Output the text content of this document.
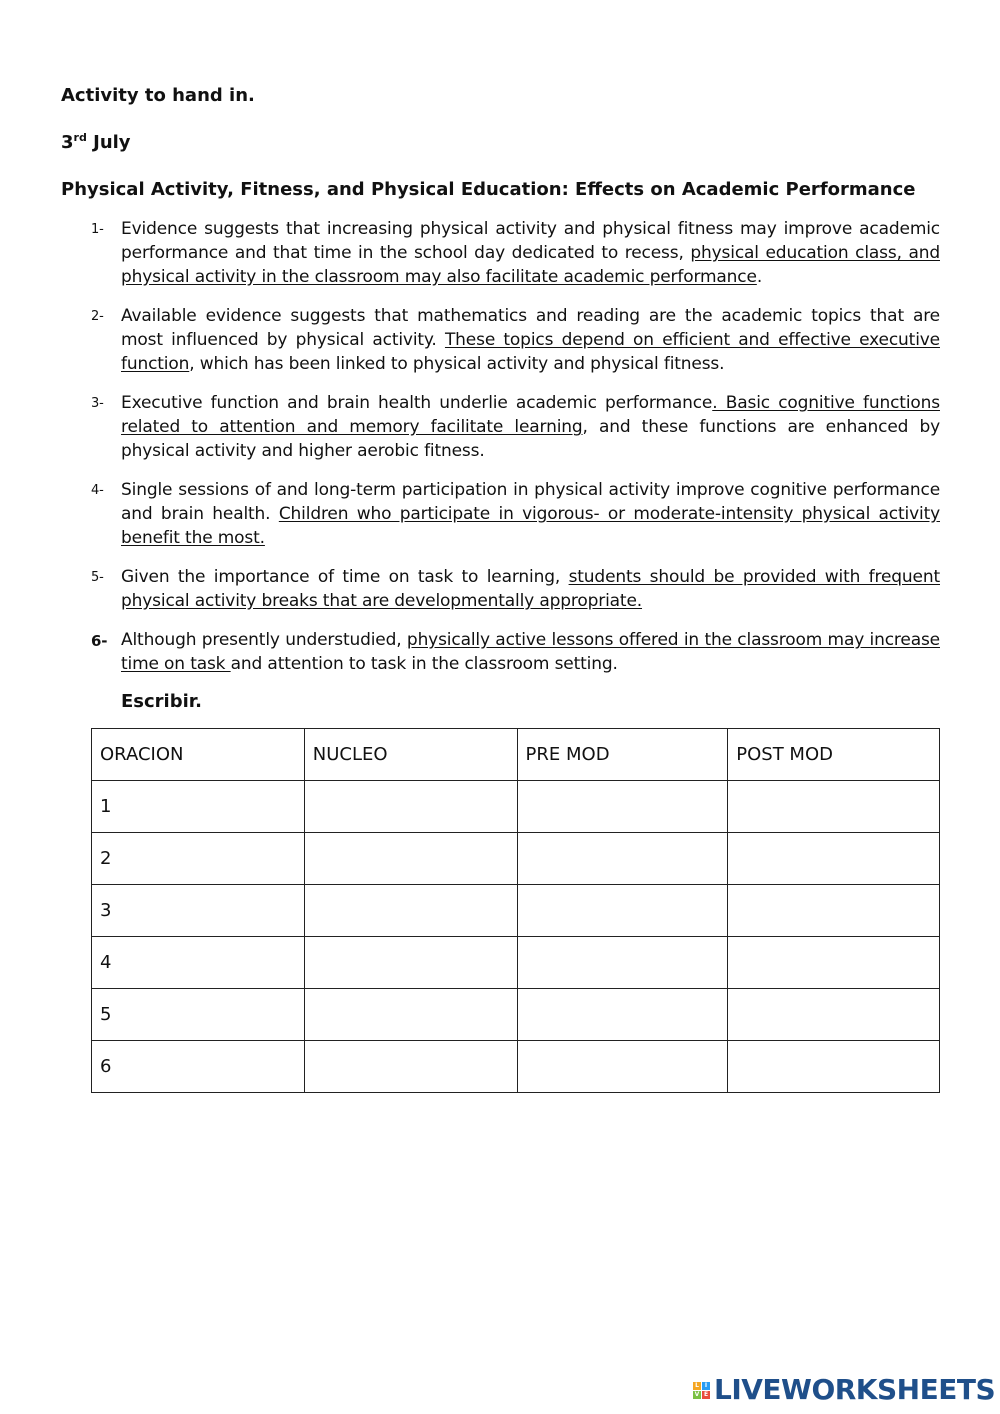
Activity to hand in.

3rd July

Physical Activity, Fitness, and Physical Education: Effects on Academic Performance

1- Evidence suggests that increasing physical activity and physical fitness may improve academic performance and that time in the school day dedicated to recess, physical education class, and physical activity in the classroom may also facilitate academic performance.
2- Available evidence suggests that mathematics and reading are the academic topics that are most influenced by physical activity. These topics depend on efficient and effective executive function, which has been linked to physical activity and physical fitness.
3- Executive function and brain health underlie academic performance. Basic cognitive functions related to attention and memory facilitate learning, and these functions are enhanced by physical activity and higher aerobic fitness.
4- Single sessions of and long-term participation in physical activity improve cognitive performance and brain health. Children who participate in vigorous- or moderate-intensity physical activity benefit the most.
5- Given the importance of time on task to learning, students should be provided with frequent physical activity breaks that are developmentally appropriate.
6- Although presently understudied, physically active lessons offered in the classroom may increase time on task and attention to task in the classroom setting.
Escribir.
ORACION	NUCLEO	PRE MOD	POST MOD
1			
2			
3			
4			
5			
6			
L I
V E LIVEWORKSHEETS
